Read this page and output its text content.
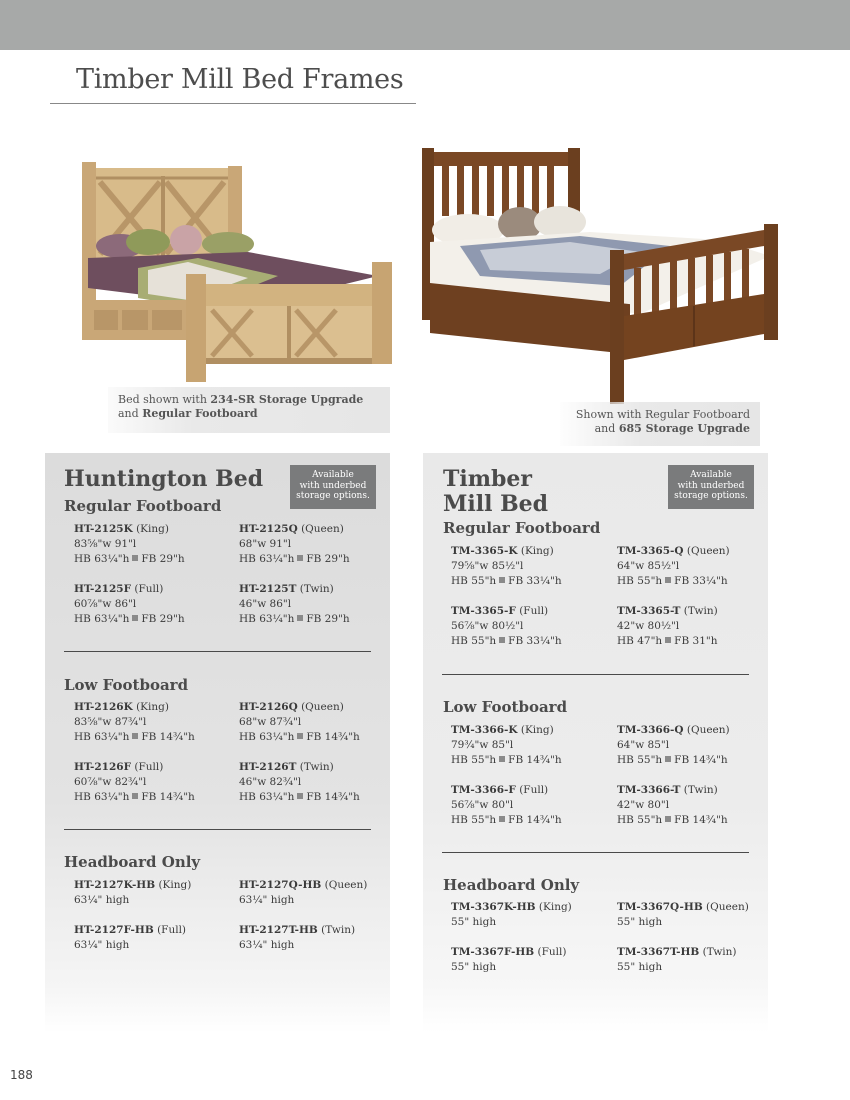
Timber Mill Bed Frames
Bed shown with 234-SR Storage Upgrade
and Regular Footboard	Shown with Regular Footboard
and 685 Storage Upgrade
Huntington Bed	Available
with underbed
storage options.
Regular Footboard
HT-2125K (King)
83⅝"w 91"l
HB 63¼"h FB 29"h
HT-2125Q (Queen)
68"w 91"l
HB 63¼"h FB 29"h
HT-2125F (Full)
60⅞"w 86"l
HB 63¼"h FB 29"h
HT-2125T (Twin)
46"w 86"l
HB 63¼"h FB 29"h
Low Footboard
HT-2126K (King)
83⅝"w 87¾"l
HB 63¼"h FB 14¾"h
HT-2126Q (Queen)
68"w 87¾"l
HB 63¼"h FB 14¾"h
HT-2126F (Full)
60⅞"w 82¾"l
HB 63¼"h FB 14¾"h
HT-2126T (Twin)
46"w 82¾"l
HB 63¼"h FB 14¾"h
Headboard Only
HT-2127K-HB (King)
63¼" high
HT-2127Q-HB (Queen)
63¼" high
HT-2127F-HB (Full)
63¼" high
HT-2127T-HB (Twin)
63¼" high
Timber
Mill Bed
Available
with underbed
storage options.
Regular Footboard
TM-3365-K (King)
79⅝"w 85½"l
HB 55"h FB 33¼"h
TM-3365-Q (Queen)
64"w 85½"l
HB 55"h FB 33¼"h
TM-3365-F (Full)
56⅞"w 80½"l
HB 55"h FB 33¼"h
TM-3365-T (Twin)
42"w 80½"l
HB 47"h FB 31"h
Low Footboard
TM-3366-K (King)
79¾"w 85"l
HB 55"h FB 14¾"h
TM-3366-Q (Queen)
64"w 85"l
HB 55"h FB 14¾"h
TM-3366-F (Full)
56⅞"w 80"l
HB 55"h FB 14¾"h
TM-3366-T (Twin)
42"w 80"l
HB 55"h FB 14¾"h
Headboard Only
TM-3367K-HB (King)
55" high
TM-3367Q-HB (Queen)
55" high
TM-3367F-HB (Full)
55" high
TM-3367T-HB (Twin)
55" high
188
